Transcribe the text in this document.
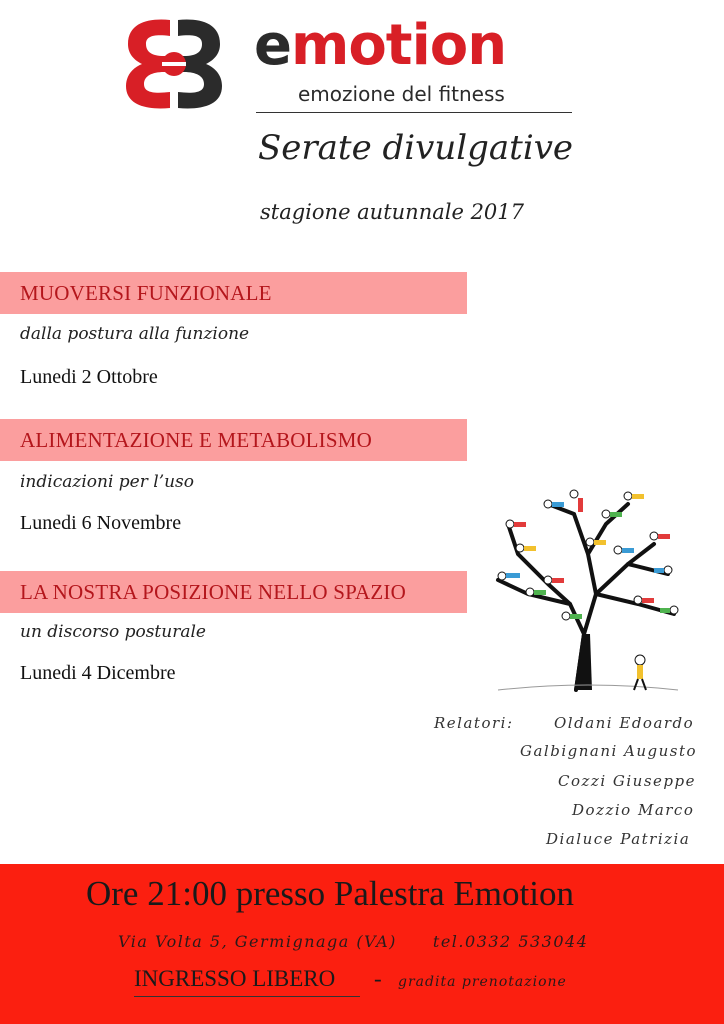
emotion
emozione del fitness
Serate divulgative
stagione autunnale 2017
MUOVERSI FUNZIONALE
dalla postura alla funzione
Lunedi 2 Ottobre
ALIMENTAZIONE E METABOLISMO
indicazioni per l’uso
Lunedi 6 Novembre
LA NOSTRA POSIZIONE NELLO SPAZIO
un discorso posturale
Lunedi 4 Dicembre
Relatori:	Oldani Edoardo
Galbignani Augusto
Cozzi Giuseppe
Dozzio Marco
Dialuce Patrizia
Ore 21:00 presso Palestra Emotion
Via Volta 5, Germignaga (VA) tel.0332 533044
INGRESSO LIBERO - gradita prenotazione
